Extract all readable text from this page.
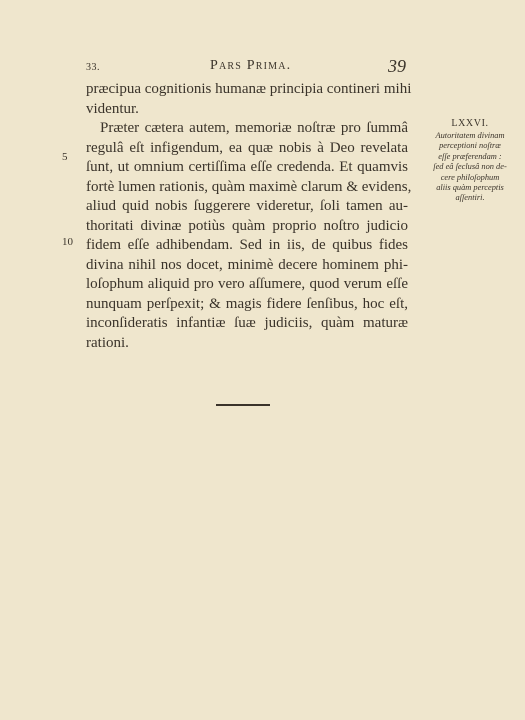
33.	Pars Prima.	39
præcipua cognitionis humanæ principia contineri mihi
videntur.
Præter cætera autem, memoriæ noſtræ pro ſummâ
regulâ eſt infigendum, ea quæ nobis à Deo revelata
ſunt, ut omnium certiſſima eſſe credenda. Et quamvis
fortè lumen rationis, quàm maximè clarum & evidens,
aliud quid nobis ſuggerere videretur, ſoli tamen au-
thoritati divinæ potiùs quàm proprio noſtro judicio
fidem eſſe adhibendam. Sed in iis, de quibus fides
divina nihil nos docet, minimè decere hominem phi-
loſophum aliquid pro vero aſſumere, quod verum eſſe
nunquam perſpexit; & magis fidere ſenſibus, hoc eſt,
inconſideratis infantiæ ſuæ judiciis, quàm maturæ
rationi.
5
10
LXXVI.
Autoritatem divinam
perceptioni noſtræ
eſſe præferendam :
ſed eâ ſeclusâ non de-
cere philoſophum
aliis quàm perceptis
aſſentiri.
